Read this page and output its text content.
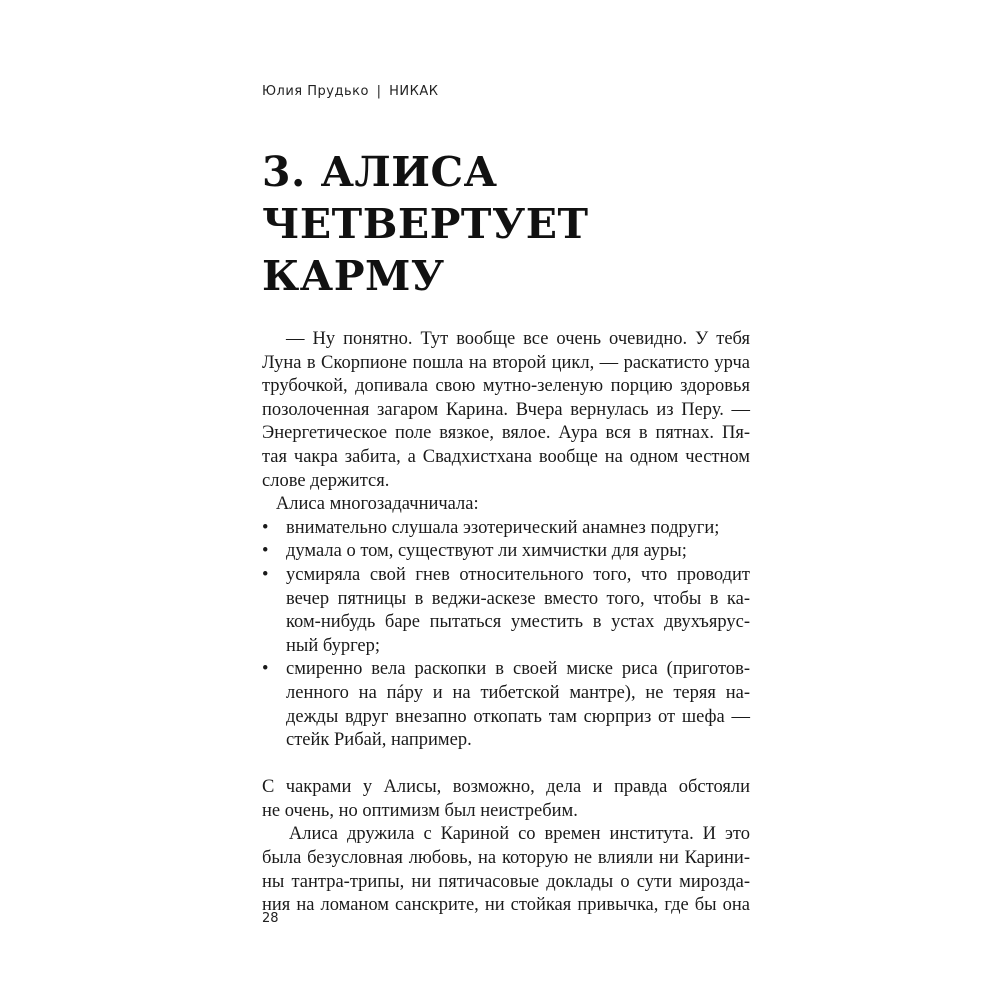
Юлия Прудько | НИКАК
3. АЛИСА ЧЕТВЕРТУЕТ
КАРМУ

— Ну понятно. Тут вообще все очень очевидно. У тебя
Луна в Скорпионе пошла на второй цикл, — раскатисто урча
трубочкой, допивала свою мутно-зеленую порцию здоровья
позолоченная загаром Карина. Вчера вернулась из Перу. —
Энергетическое поле вязкое, вялое. Аура вся в пятнах. Пя-
тая чакра забита, а Свадхистхана вообще на одном честном
слове держится.

Алиса многозадачничала:

• внимательно слушала эзотерический анамнез подруги;
• думала о том, существуют ли химчистки для ауры;
• усмиряла свой гнев относительного того, что проводит
вечер пятницы в веджи-аскезе вместо того, чтобы в ка-
ком-нибудь баре пытаться уместить в устах двухъярус-
ный бургер;
• смиренно вела раскопки в своей миске риса (приготов-
ленного на пáру и на тибетской мантре), не теряя на-
дежды вдруг внезапно откопать там сюрприз от шефа —
стейк Рибай, например.

С чакрами у Алисы, возможно, дела и правда обстояли
не очень, но оптимизм был неистребим.

Алиса дружила с Кариной со времен института. И это
была безусловная любовь, на которую не влияли ни Карини-
ны тантра-трипы, ни пятичасовые доклады о сути мирозда-
ния на ломаном санскрите, ни стойкая привычка, где бы она

28
